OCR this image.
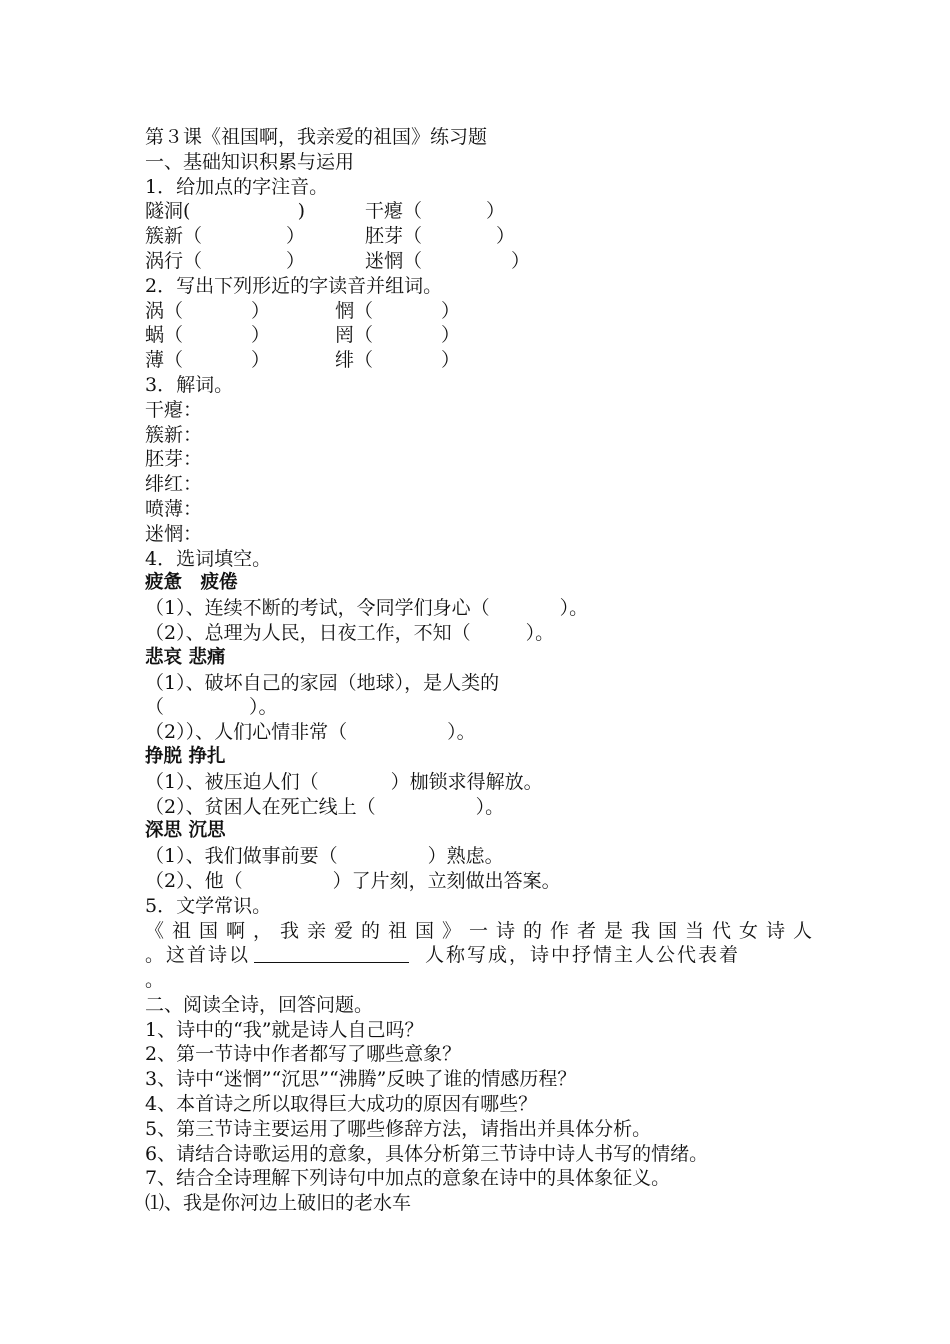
第３课《祖国啊，我亲爱的祖国》练习题
一、基础知识积累与运用
1．给加点的字注音。
隧洞(	)	干瘪（	）
簇新（	）	胚芽（	）
涡行（	）	迷惘（	）
2．写出下列形近的字读音并组词。
涡（	）	惘（	）
蜗（	）	罔（	）
薄（	）	绯（	）
3．解词。
干瘪：
簇新：
胚芽：
绯红：
喷薄：
迷惘：
4．选词填空。
疲惫　疲倦
（1）、连续不断的考试，令同学们身心（	）。
（2）、总理为人民，日夜工作，不知（	）。
悲哀 悲痛
（1）、破坏自己的家园（地球），是人类的
（	）。
（2））、人们心情非常（	）。
挣脱 挣扎
（1）、被压迫人们（	）枷锁求得解放。
（2）、贫困人在死亡线上（	）。
深思 沉思
（1）、我们做事前要（	）熟虑。
（2）、他（	）了片刻，立刻做出答案。
5．文学常识。
《祖国啊，我亲爱的祖国》一诗的作者是我国当代女诗人
。这首诗以	人称写成，诗中抒情主人公代表着
。
二、阅读全诗，回答问题。
1、诗中的“我”就是诗人自己吗？
2、第一节诗中作者都写了哪些意象？
3、诗中“迷惘”“沉思”“沸腾”反映了谁的情感历程？
4、本首诗之所以取得巨大成功的原因有哪些？
5、第三节诗主要运用了哪些修辞方法，请指出并具体分析。
6、请结合诗歌运用的意象，具体分析第三节诗中诗人书写的情绪。
7、结合全诗理解下列诗句中加点的意象在诗中的具体象征义。
⑴、我是你河边上破旧的老水车
